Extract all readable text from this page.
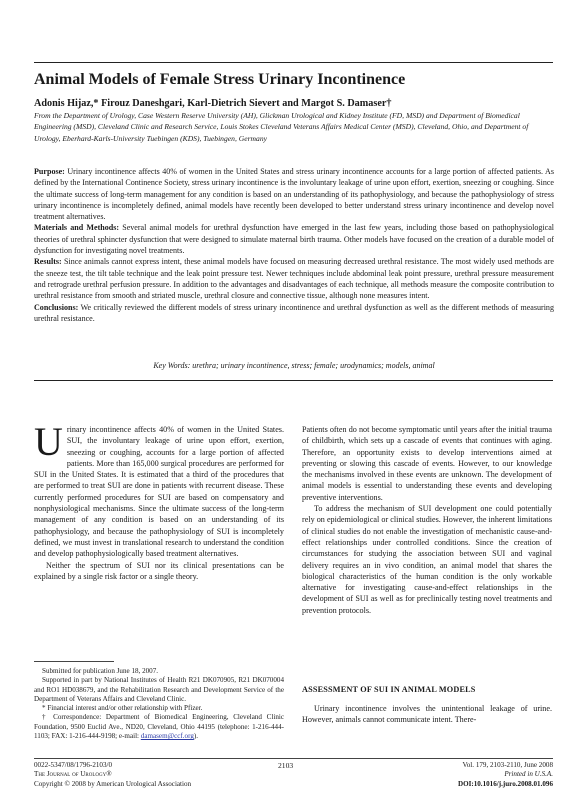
Animal Models of Female Stress Urinary Incontinence
Adonis Hijaz,* Firouz Daneshgari, Karl-Dietrich Sievert and Margot S. Damaser†
From the Department of Urology, Case Western Reserve University (AH), Glickman Urological and Kidney Institute (FD, MSD) and Department of Biomedical Engineering (MSD), Cleveland Clinic and Research Service, Louis Stokes Cleveland Veterans Affairs Medical Center (MSD), Cleveland, Ohio, and Department of Urology, Eberhard-Karls-University Tuebingen (KDS), Tuebingen, Germany

Purpose: Urinary incontinence affects 40% of women in the United States and stress urinary incontinence accounts for a large portion of affected patients. As defined by the International Continence Society, stress urinary incontinence is the involuntary leakage of urine upon effort, exertion, sneezing or coughing. Since the ultimate success of long-term management for any condition is based on an understanding of its pathophysiology, and because the pathophysiology of stress urinary incontinence is incompletely defined, animal models have recently been developed to better understand stress urinary incontinence and develop novel treatment alternatives.

Materials and Methods: Several animal models for urethral dysfunction have emerged in the last few years, including those based on pathophysiological theories of urethral sphincter dysfunction that were designed to simulate maternal birth trauma. Other models have focused on the creation of a durable model of dysfunction for investigating novel treatments.

Results: Since animals cannot express intent, these animal models have focused on measuring decreased urethral resistance. The most widely used methods are the sneeze test, the tilt table technique and the leak point pressure test. Newer techniques include abdominal leak point pressure, urethral pressure measurement and retrograde urethral perfusion pressure. In addition to the advantages and disadvantages of each technique, all methods measure the composite contribution to urethral resistance from smooth and striated muscle, urethral closure and connective tissue, although none measures intent.

Conclusions: We critically reviewed the different models of stress urinary incontinence and urethral dysfunction as well as the different methods of measuring urethral resistance.

Key Words: urethra; urinary incontinence, stress; female; urodynamics; models, animal

Urinary incontinence affects 40% of women in the United States. SUI, the involuntary leakage of urine upon effort, exertion, sneezing or coughing, accounts for a large portion of affected patients. More than 165,000 surgical procedures are performed for SUI in the United States. It is estimated that a third of the procedures that are performed to treat SUI are done in patients with recurrent disease. These currently performed procedures for SUI are based on compensatory and nonphysiological mechanisms. Since the ultimate success of the long-term management of any condition is based on an understanding of its pathophysiology, and because the pathophysiology of SUI is incompletely defined, we must invest in translational research to understand the condition and develop pathophysiologically based treatment alternatives.

Neither the spectrum of SUI nor its clinical presentations can be explained by a single risk factor or a single theory.

Patients often do not become symptomatic until years after the initial trauma of childbirth, which sets up a cascade of events that continues with aging. Therefore, an opportunity exists to develop interventions aimed at preventing or slowing this cascade of events. However, to our knowledge the mechanisms involved in these events are unknown. The development of animal models is essential to understanding these events and developing preventive interventions.

To address the mechanism of SUI development one could potentially rely on epidemiological or clinical studies. However, the inherent limitations of clinical studies do not enable the investigation of mechanistic cause-and-effect relationships under controlled conditions. Since the creation of circumstances for studying the association between SUI and vaginal delivery requires an in vivo condition, an animal model that shares the biological characteristics of the human condition is the only workable alternative for investigating cause-and-effect relationships in the development of SUI as well as for preclinically testing novel treatments and prevention protocols.

Submitted for publication June 18, 2007.

Supported in part by National Institutes of Health R21 DK070905, R21 DK070004 and RO1 HD038679, and the Rehabilitation Research and Development Service of the Department of Veterans Affairs and Cleveland Clinic.

* Financial interest and/or other relationship with Pfizer.

† Correspondence: Department of Biomedical Engineering, Cleveland Clinic Foundation, 9500 Euclid Ave., ND20, Cleveland, Ohio 44195 (telephone: 1-216-444-1103; FAX: 1-216-444-9198; e-mail: damasem@ccf.org).

ASSESSMENT OF SUI IN ANIMAL MODELS

Urinary incontinence involves the unintentional leakage of urine. However, animals cannot communicate intent. There-

0022-5347/08/1796-2103/0
The Journal of Urology®
Copyright © 2008 by American Urological Association
2103	Vol. 179, 2103-2110, June 2008
Printed in U.S.A.
DOI:10.1016/j.juro.2008.01.096
